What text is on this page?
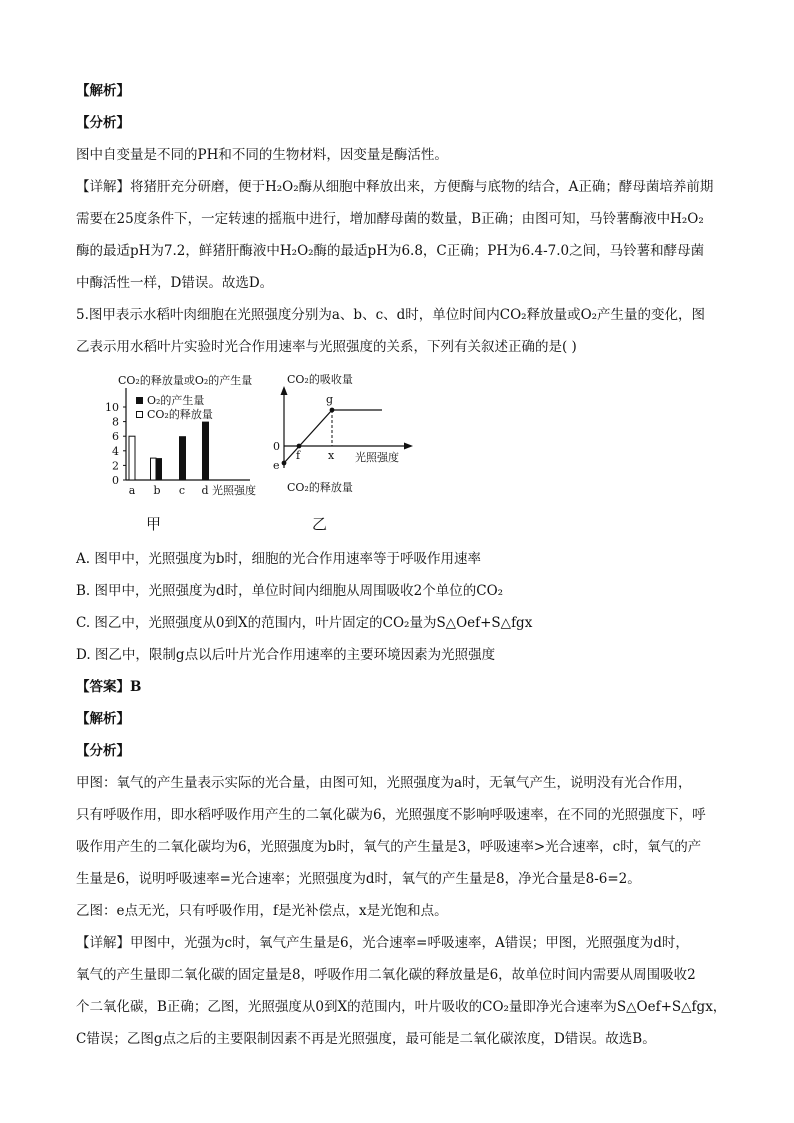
【解析】
【分析】
图中自变量是不同的PH和不同的生物材料，因变量是酶活性。
【详解】将猪肝充分研磨，便于H₂O₂酶从细胞中释放出来，方便酶与底物的结合，A正确；酵母菌培养前期
需要在25度条件下，一定转速的摇瓶中进行，增加酵母菌的数量，B正确；由图可知，马铃薯酶液中H₂O₂
酶的最适pH为7.2，鲜猪肝酶液中H₂O₂酶的最适pH为6.8，C正确；PH为6.4-7.0之间，马铃薯和酵母菌
中酶活性一样，D错误。故选D。
5.图甲表示水稻叶肉细胞在光照强度分别为a、b、c、d时，单位时间内CO₂释放量或O₂产生量的变化，图
乙表示用水稻叶片实验时光合作用速率与光照强度的关系，下列有关叙述正确的是( )
CO₂的释放量或O₂的产生量
0
2
4
6
8
10
a b c d
O₂的产生量
CO₂的释放量
光照强度
甲
CO₂的吸收量
0
e
f
g
x 光照强度
CO₂的释放量
乙
A. 图甲中，光照强度为b时，细胞的光合作用速率等于呼吸作用速率
B. 图甲中，光照强度为d时，单位时间内细胞从周围吸收2个单位的CO₂
C. 图乙中，光照强度从0到X的范围内，叶片固定的CO₂量为S△Oef+S△fgx
D. 图乙中，限制g点以后叶片光合作用速率的主要环境因素为光照强度
【答案】B
【解析】
【分析】
甲图：氧气的产生量表示实际的光合量，由图可知，光照强度为a时，无氧气产生，说明没有光合作用，
只有呼吸作用，即水稻呼吸作用产生的二氧化碳为6，光照强度不影响呼吸速率，在不同的光照强度下，呼
吸作用产生的二氧化碳均为6，光照强度为b时，氧气的产生量是3，呼吸速率>光合速率，c时，氧气的产
生量是6，说明呼吸速率=光合速率；光照强度为d时，氧气的产生量是8，净光合量是8-6=2。
乙图：e点无光，只有呼吸作用，f是光补偿点，x是光饱和点。
【详解】甲图中，光强为c时，氧气产生量是6，光合速率=呼吸速率，A错误；甲图，光照强度为d时，
氧气的产生量即二氧化碳的固定量是8，呼吸作用二氧化碳的释放量是6，故单位时间内需要从周围吸收2
个二氧化碳，B正确；乙图，光照强度从0到X的范围内，叶片吸收的CO₂量即净光合速率为S△Oef+S△fgx，
C错误；乙图g点之后的主要限制因素不再是光照强度，最可能是二氧化碳浓度，D错误。故选B。
